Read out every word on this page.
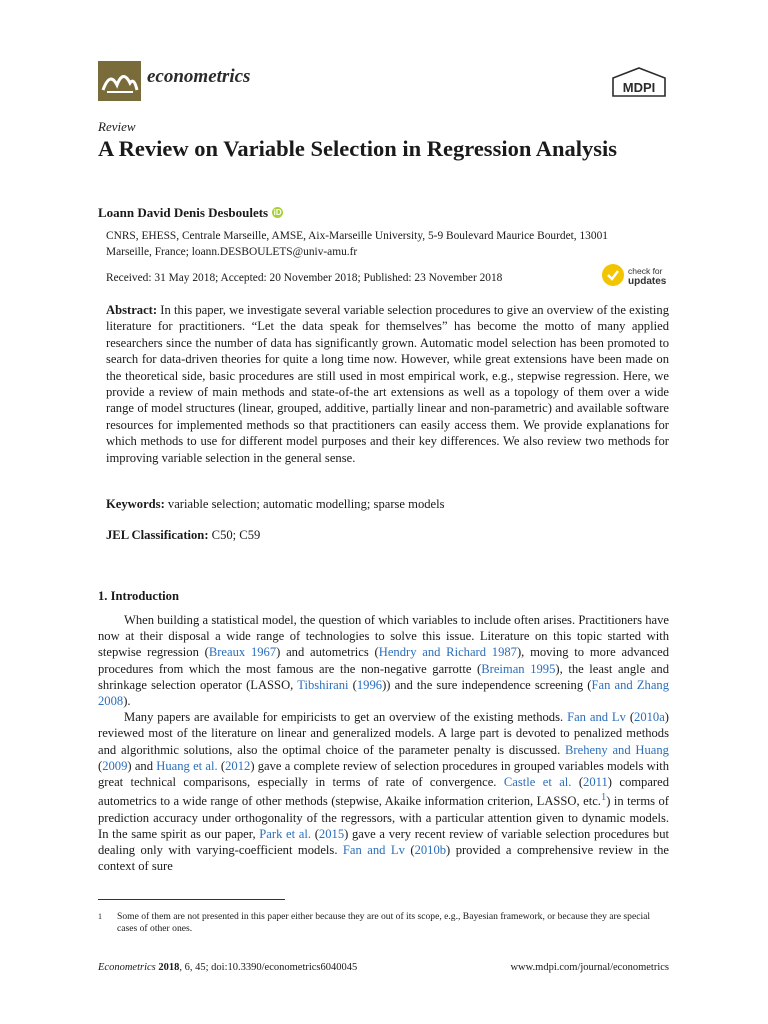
econometrics
MDPI
Review
A Review on Variable Selection in Regression Analysis
Loann David Denis Desboulets iD
CNRS, EHESS, Centrale Marseille, AMSE, Aix-Marseille University, 5-9 Boulevard Maurice Bourdet, 13001 Marseille, France; loann.DESBOULETS@univ-amu.fr
Received: 31 May 2018; Accepted: 20 November 2018; Published: 23 November 2018
check for
updates
Abstract: In this paper, we investigate several variable selection procedures to give an overview of the existing literature for practitioners. “Let the data speak for themselves” has become the motto of many applied researchers since the number of data has significantly grown. Automatic model selection has been promoted to search for data-driven theories for quite a long time now. However, while great extensions have been made on the theoretical side, basic procedures are still used in most empirical work, e.g., stepwise regression. Here, we provide a review of main methods and state-of-the art extensions as well as a topology of them over a wide range of model structures (linear, grouped, additive, partially linear and non-parametric) and available software resources for implemented methods so that practitioners can easily access them. We provide explanations for which methods to use for different model purposes and their key differences. We also review two methods for improving variable selection in the general sense.
Keywords: variable selection; automatic modelling; sparse models
JEL Classification: C50; C59
1. Introduction

When building a statistical model, the question of which variables to include often arises. Practitioners have now at their disposal a wide range of technologies to solve this issue. Literature on this topic started with stepwise regression (Breaux 1967) and autometrics (Hendry and Richard 1987), moving to more advanced procedures from which the most famous are the non-negative garrotte (Breiman 1995), the least angle and shrinkage selection operator (LASSO, Tibshirani (1996)) and the sure independence screening (Fan and Zhang 2008).

Many papers are available for empiricists to get an overview of the existing methods. Fan and Lv (2010a) reviewed most of the literature on linear and generalized models. A large part is devoted to penalized methods and algorithmic solutions, also the optimal choice of the parameter penalty is discussed. Breheny and Huang (2009) and Huang et al. (2012) gave a complete review of selection procedures in grouped variables models with great technical comparisons, especially in terms of rate of convergence. Castle et al. (2011) compared autometrics to a wide range of other methods (stepwise, Akaike information criterion, LASSO, etc.$^1$) in terms of prediction accuracy under orthogonality of the regressors, with a particular attention given to dynamic models. In the same spirit as our paper, Park et al. (2015) gave a very recent review of variable selection procedures but dealing only with varying-coefficient models. Fan and Lv (2010b) provided a comprehensive review in the context of sure

1 Some of them are not presented in this paper either because they are out of its scope, e.g., Bayesian framework, or because they are special cases of other ones.
Econometrics 2018, 6, 45; doi:10.3390/econometrics6040045	www.mdpi.com/journal/econometrics
